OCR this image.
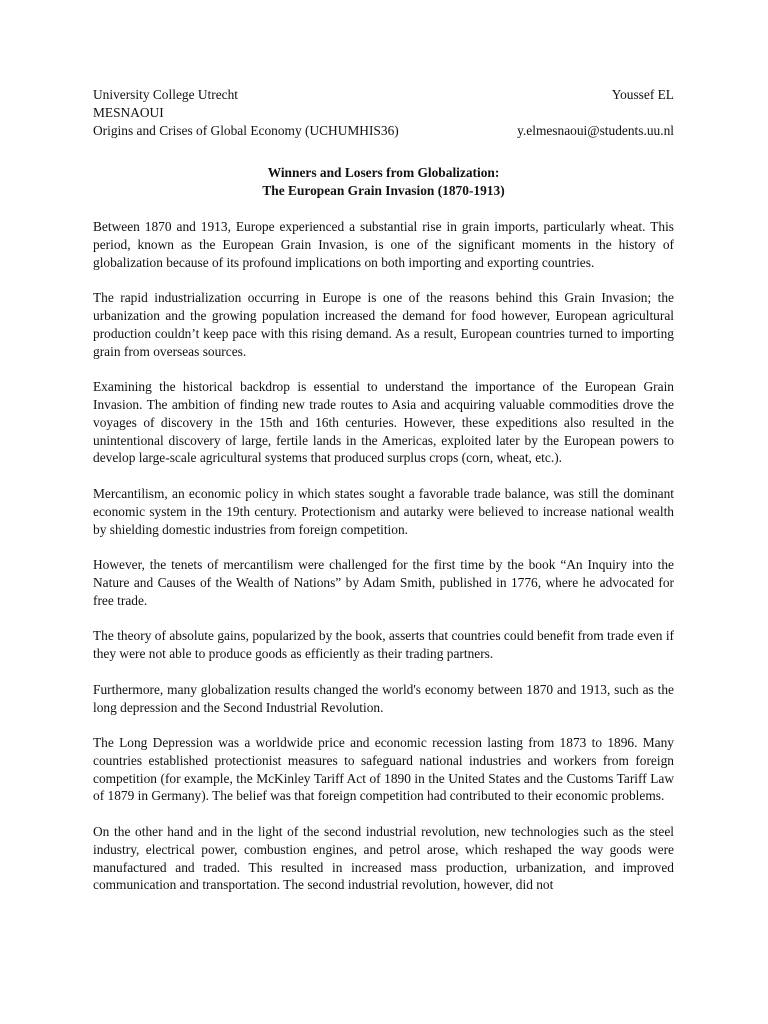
University College Utrecht	Youssef EL
MESNAOUI
Origins and Crises of Global Economy (UCHUMHIS36)	y.elmesnaoui@students.uu.nl
Winners and Losers from Globalization:
The European Grain Invasion (1870-1913)

Between 1870 and 1913, Europe experienced a substantial rise in grain imports, particularly wheat. This period, known as the European Grain Invasion, is one of the significant moments in the history of globalization because of its profound implications on both importing and exporting countries.

The rapid industrialization occurring in Europe is one of the reasons behind this Grain Invasion; the urbanization and the growing population increased the demand for food however, European agricultural production couldn’t keep pace with this rising demand. As a result, European countries turned to importing grain from overseas sources.

Examining the historical backdrop is essential to understand the importance of the European Grain Invasion. The ambition of finding new trade routes to Asia and acquiring valuable commodities drove the voyages of discovery in the 15th and 16th centuries. However, these expeditions also resulted in the unintentional discovery of large, fertile lands in the Americas, exploited later by the European powers to develop large-scale agricultural systems that produced surplus crops (corn, wheat, etc.).

Mercantilism, an economic policy in which states sought a favorable trade balance, was still the dominant economic system in the 19th century. Protectionism and autarky were believed to increase national wealth by shielding domestic industries from foreign competition.

However, the tenets of mercantilism were challenged for the first time by the book “An Inquiry into the Nature and Causes of the Wealth of Nations” by Adam Smith, published in 1776, where he advocated for free trade.

The theory of absolute gains, popularized by the book, asserts that countries could benefit from trade even if they were not able to produce goods as efficiently as their trading partners.

Furthermore, many globalization results changed the world's economy between 1870 and 1913, such as the long depression and the Second Industrial Revolution.

The Long Depression was a worldwide price and economic recession lasting from 1873 to 1896. Many countries established protectionist measures to safeguard national industries and workers from foreign competition (for example, the McKinley Tariff Act of 1890 in the United States and the Customs Tariff Law of 1879 in Germany). The belief was that foreign competition had contributed to their economic problems.

On the other hand and in the light of the second industrial revolution, new technologies such as the steel industry, electrical power, combustion engines, and petrol arose, which reshaped the way goods were manufactured and traded. This resulted in increased mass production, urbanization, and improved communication and transportation. The second industrial revolution, however, did not
